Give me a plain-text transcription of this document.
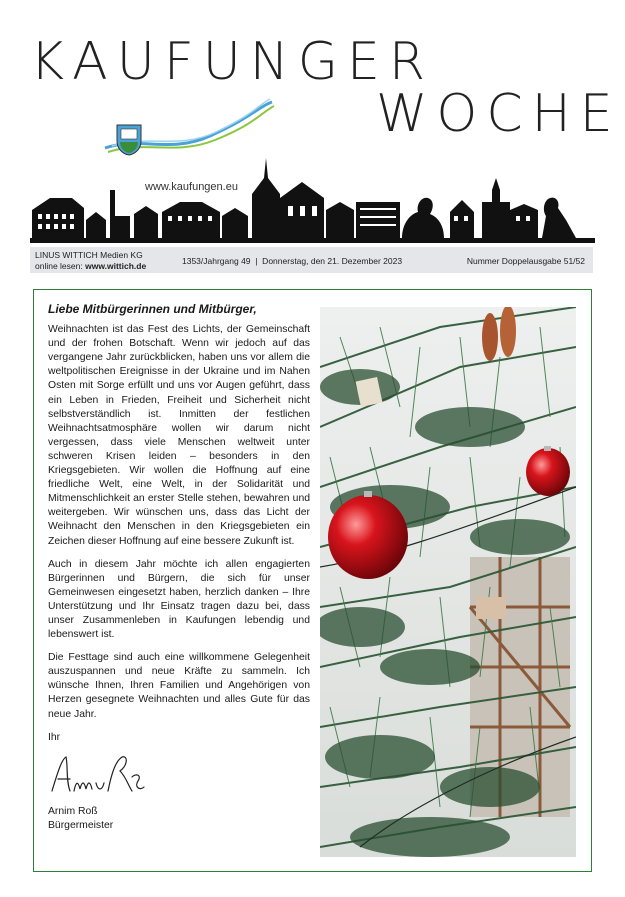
KAUFUNGER
WOCHE
www.kaufungen.eu
LINUS WITTICH Medien KG
online lesen: www.wittich.de	1353/Jahrgang 49  |  Donnerstag, den 21. Dezember 2023	Nummer Doppelausgabe 51/52
Liebe Mitbürgerinnen und Mitbürger,

Weihnachten ist das Fest des Lichts, der Gemeinschaft und der frohen Botschaft. Wenn wir jedoch auf das vergangene Jahr zurückblicken, haben uns vor allem die weltpolitischen Ereignisse in der Ukraine und im Nahen Osten mit Sorge erfüllt und uns vor Augen geführt, dass ein Leben in Frieden, Freiheit und Sicherheit nicht selbstverständlich ist. Inmitten der festlichen Weihnachtsatmosphäre wollen wir darum nicht vergessen, dass viele Menschen weltweit unter schweren Krisen leiden – besonders in den Kriegsgebieten. Wir wollen die Hoffnung auf eine friedliche Welt, eine Welt, in der Solidarität und Mitmenschlichkeit an erster Stelle stehen, bewahren und weitergeben. Wir wünschen uns, dass das Licht der Weihnacht den Menschen in den Kriegsgebieten ein Zeichen dieser Hoffnung auf eine bessere Zukunft ist.

Auch in diesem Jahr möchte ich allen engagierten Bürgerinnen und Bürgern, die sich für unser Gemeinwesen eingesetzt haben, herzlich danken – Ihre Unterstützung und Ihr Einsatz tragen dazu bei, dass unser Zusammenleben in Kaufungen lebendig und lebenswert ist.

Die Festtage sind auch eine willkommene Gelegenheit auszuspannen und neue Kräfte zu sammeln. Ich wünsche Ihnen, Ihren Familien und Angehörigen von Herzen gesegnete Weihnachten und alles Gute für das neue Jahr.

Ihr
Arnim Roß
Bürgermeister
